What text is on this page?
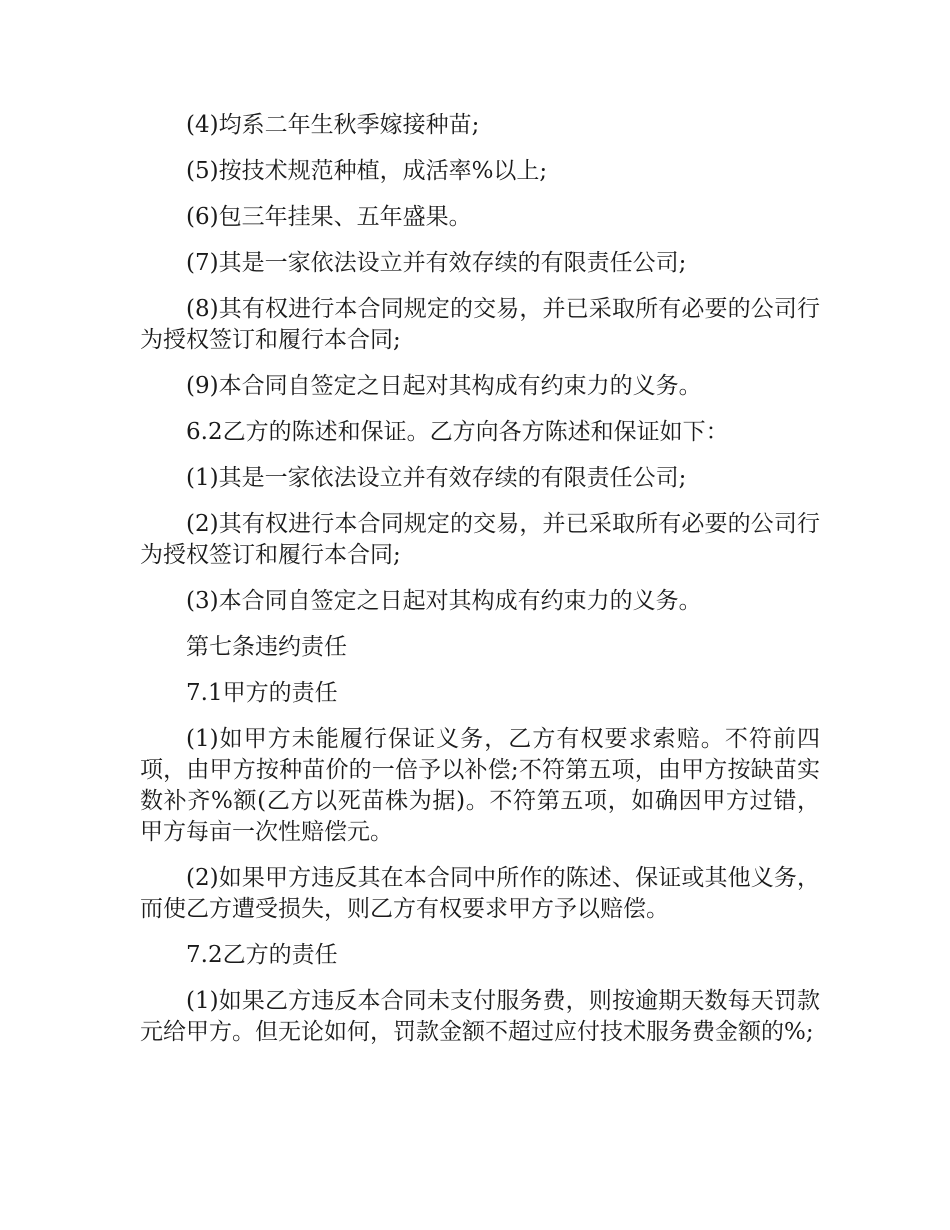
(4)均系二年生秋季嫁接种苗;

(5)按技术规范种植，成活率%以上;

(6)包三年挂果、五年盛果。

(7)其是一家依法设立并有效存续的有限责任公司;

(8)其有权进行本合同规定的交易，并已采取所有必要的公司行为授权签订和履行本合同;

(9)本合同自签定之日起对其构成有约束力的义务。

6.2乙方的陈述和保证。乙方向各方陈述和保证如下：

(1)其是一家依法设立并有效存续的有限责任公司;

(2)其有权进行本合同规定的交易，并已采取所有必要的公司行为授权签订和履行本合同;

(3)本合同自签定之日起对其构成有约束力的义务。

第七条违约责任

7.1甲方的责任

(1)如甲方未能履行保证义务，乙方有权要求索赔。不符前四项，由甲方按种苗价的一倍予以补偿;不符第五项，由甲方按缺苗实数补齐%额(乙方以死苗株为据)。不符第五项，如确因甲方过错，甲方每亩一次性赔偿元。

(2)如果甲方违反其在本合同中所作的陈述、保证或其他义务，而使乙方遭受损失，则乙方有权要求甲方予以赔偿。

7.2乙方的责任

(1)如果乙方违反本合同未支付服务费，则按逾期天数每天罚款元给甲方。但无论如何，罚款金额不超过应付技术服务费金额的%;
